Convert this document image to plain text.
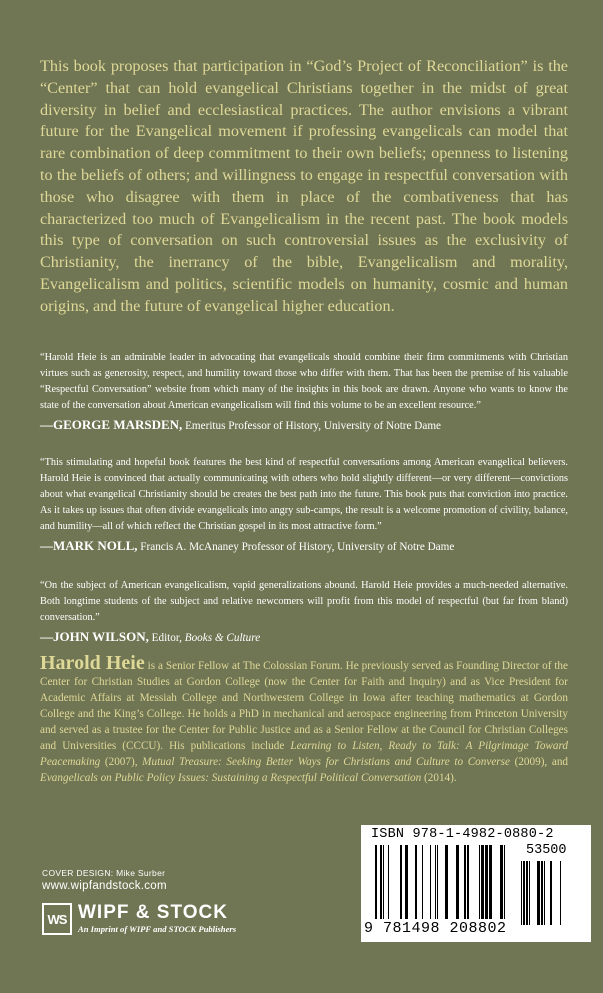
This book proposes that participation in “God’s Project of Reconciliation” is the “Center” that can hold evangelical Christians together in the midst of great diversity in belief and ecclesiastical practices. The author envisions a vibrant future for the Evangelical movement if professing evangelicals can model that rare combination of deep commitment to their own beliefs; openness to listening to the beliefs of others; and willingness to engage in respectful conversation with those who disagree with them in place of the combativeness that has characterized too much of Evangelicalism in the recent past. The book models this type of conversation on such controversial issues as the exclusivity of Christianity, the inerrancy of the bible, Evangelicalism and morality, Evangelicalism and politics, scientific models on humanity, cosmic and human origins, and the future of evangelical higher education.

“Harold Heie is an admirable leader in advocating that evangelicals should combine their firm commitments with Christian virtues such as generosity, respect, and humility toward those who differ with them. That has been the premise of his valuable “Respectful Conversation” website from which many of the insights in this book are drawn. Anyone who wants to know the state of the conversation about American evangelicalism will find this volume to be an excellent resource.”

—GEORGE MARSDEN, Emeritus Professor of History, University of Notre Dame

“This stimulating and hopeful book features the best kind of respectful conversations among American evangelical believers. Harold Heie is convinced that actually communicating with others who hold slightly different—or very different—convictions about what evangelical Christianity should be creates the best path into the future. This book puts that conviction into practice. As it takes up issues that often divide evangelicals into angry sub-camps, the result is a welcome promotion of civility, balance, and humility—all of which reflect the Christian gospel in its most attractive form.”

—MARK NOLL, Francis A. McAnaney Professor of History, University of Notre Dame

“On the subject of American evangelicalism, vapid generalizations abound. Harold Heie provides a much-needed alternative. Both longtime students of the subject and relative newcomers will profit from this model of respectful (but far from bland) conversation.”

—JOHN WILSON, Editor, Books & Culture

Harold Heie is a Senior Fellow at The Colossian Forum. He previously served as Founding Director of the Center for Christian Studies at Gordon College (now the Center for Faith and Inquiry) and as Vice President for Academic Affairs at Messiah College and Northwestern College in Iowa after teaching mathematics at Gordon College and the King’s College. He holds a PhD in mechanical and aerospace engineering from Princeton University and served as a trustee for the Center for Public Justice and as a Senior Fellow at the Council for Christian Colleges and Universities (CCCU). His publications include Learning to Listen, Ready to Talk: A Pilgrimage Toward Peacemaking (2007), Mutual Treasure: Seeking Better Ways for Christians and Culture to Converse (2009), and Evangelicals on Public Policy Issues: Sustaining a Respectful Political Conversation (2014).

COVER DESIGN: Mike Surber
www.wipfandstock.com
WS WIPF & STOCK
An Imprint of WIPF and STOCK Publishers
ISBN 978-1-4982-0880-2
53500
9 781498 208802
